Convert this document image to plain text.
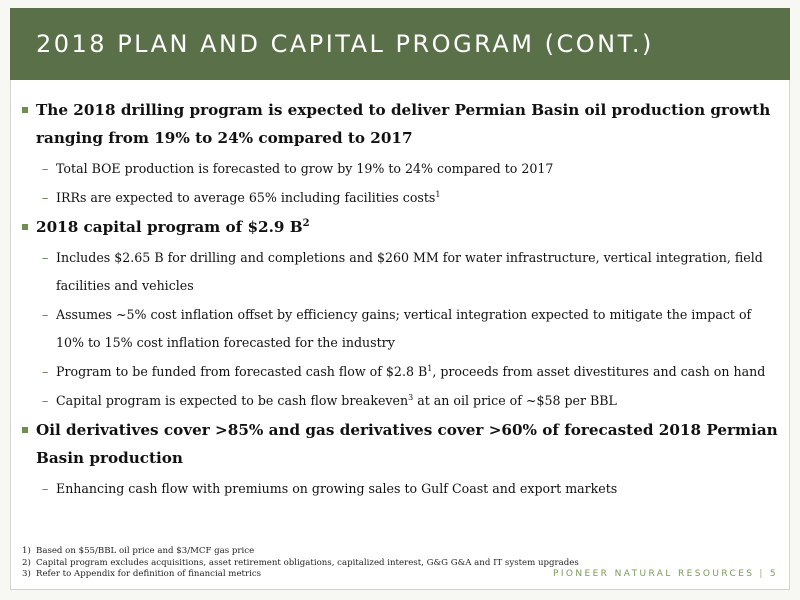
2018 PLAN AND CAPITAL PROGRAM (CONT.)
The 2018 drilling program is expected to deliver Permian Basin oil production growth ranging from 19% to 24% compared to 2017
– Total BOE production is forecasted to grow by 19% to 24% compared to 2017
– IRRs are expected to average 65% including facilities costs$^1$
2018 capital program of $2.9 $B^2$
– Includes $2.65 B for drilling and completions and $260 MM for water infrastructure, vertical integration, field facilities and vehicles
– Assumes ~5% cost inflation offset by efficiency gains; vertical integration expected to mitigate the impact of 10% to 15% cost inflation forecasted for the industry
– Program to be funded from forecasted cash flow of $2.8 $B^1$, proceeds from asset divestitures and cash on hand
– Capital program is expected to be cash flow breakeven$^3$ at an oil price of ~$58 per BBL
Oil derivatives cover >85% and gas derivatives cover >60% of forecasted 2018 Permian Basin production
– Enhancing cash flow with premiums on growing sales to Gulf Coast and export markets
1) Based on $55/BBL oil price and $3/MCF gas price
2) Capital program excludes acquisitions, asset retirement obligations, capitalized interest, G&G G&A and IT system upgrades
3) Refer to Appendix for definition of financial metrics	PIONEER NATURAL RESOURCES | 5
